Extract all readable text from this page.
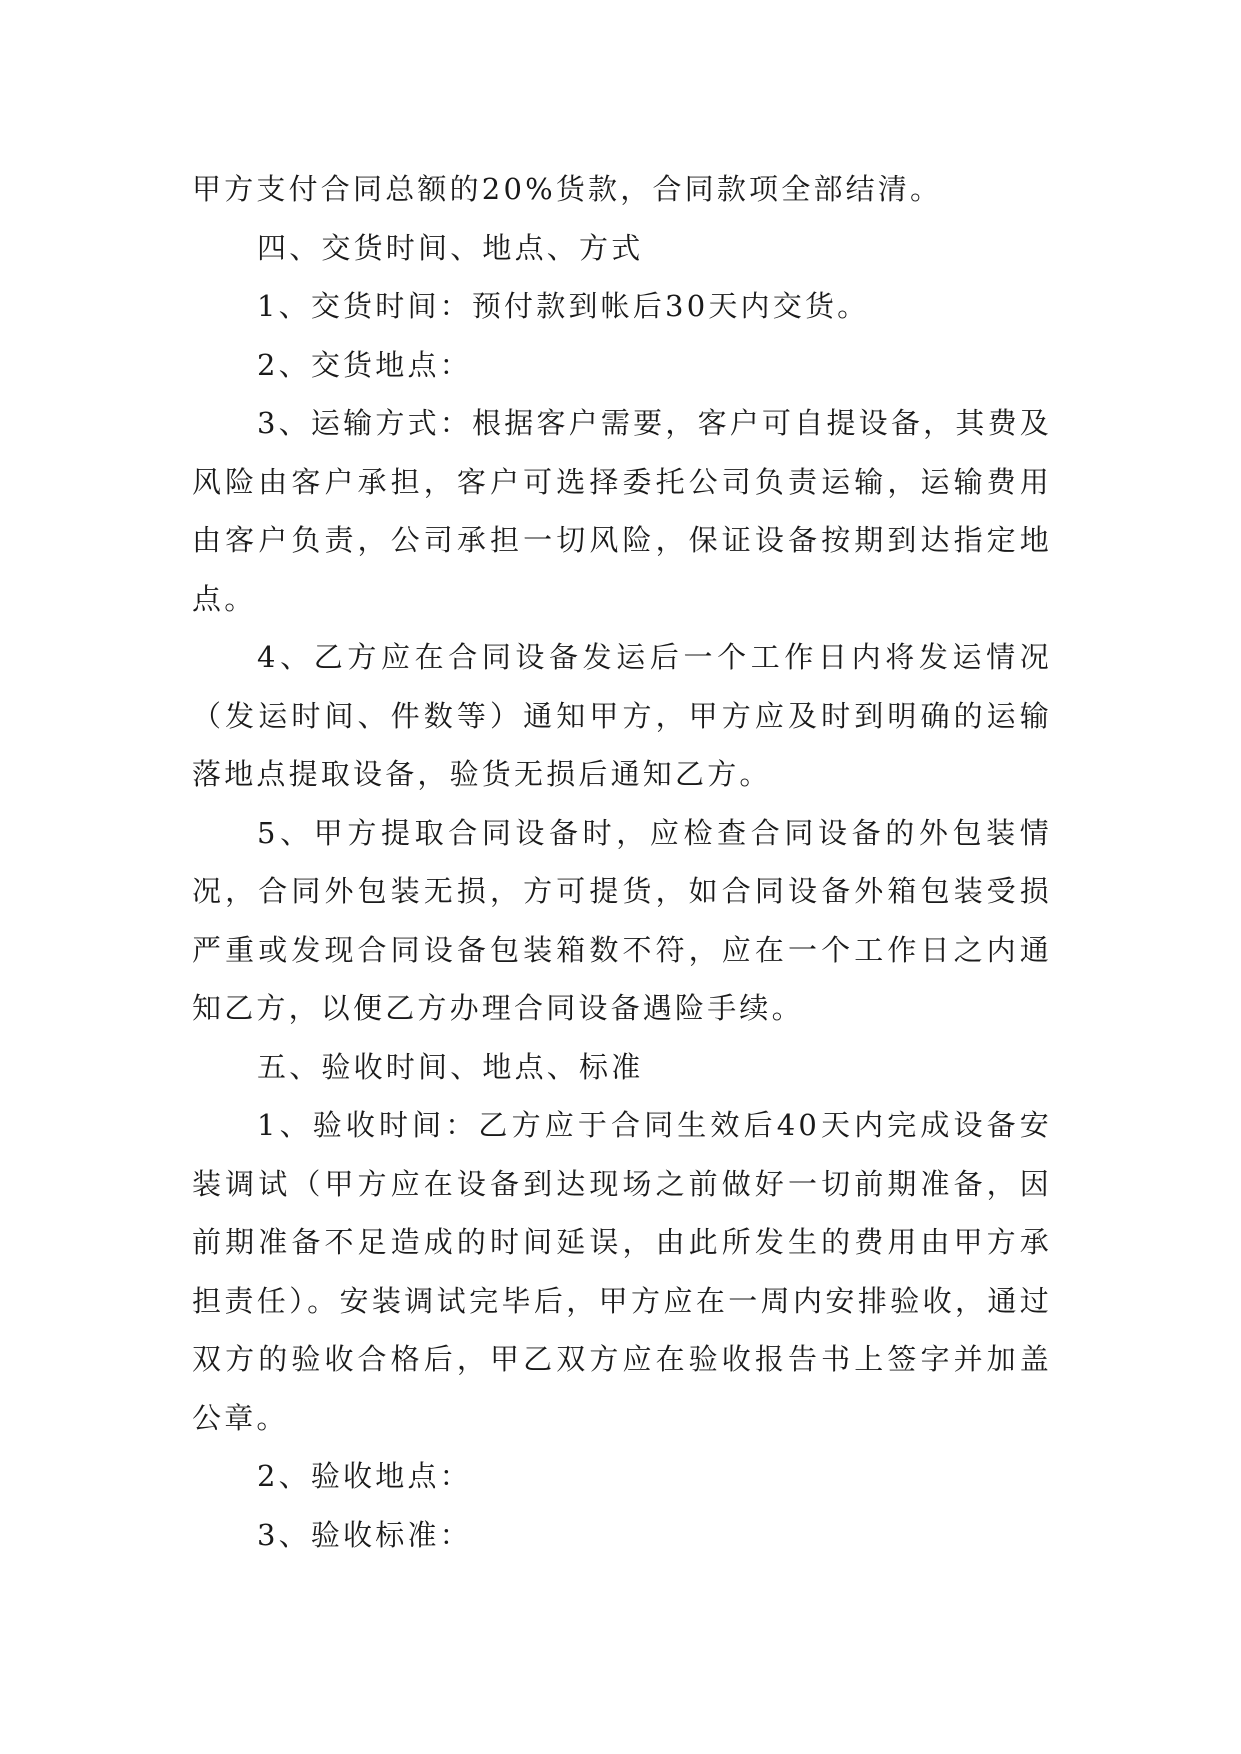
甲方支付合同总额的20%货款，合同款项全部结清。

四、交货时间、地点、方式

1、交货时间：预付款到帐后30天内交货。

2、交货地点：

3、运输方式：根据客户需要，客户可自提设备，其费及风险由客户承担，客户可选择委托公司负责运输，运输费用由客户负责，公司承担一切风险，保证设备按期到达指定地点。

4、乙方应在合同设备发运后一个工作日内将发运情况（发运时间、件数等）通知甲方，甲方应及时到明确的运输落地点提取设备，验货无损后通知乙方。

5、甲方提取合同设备时，应检查合同设备的外包装情况，合同外包装无损，方可提货，如合同设备外箱包装受损严重或发现合同设备包装箱数不符，应在一个工作日之内通知乙方，以便乙方办理合同设备遇险手续。

五、验收时间、地点、标准

1、验收时间：乙方应于合同生效后40天内完成设备安装调试（甲方应在设备到达现场之前做好一切前期准备，因前期准备不足造成的时间延误，由此所发生的费用由甲方承担责任）。安装调试完毕后，甲方应在一周内安排验收，通过双方的验收合格后，甲乙双方应在验收报告书上签字并加盖公章。

2、验收地点：

3、验收标准：
